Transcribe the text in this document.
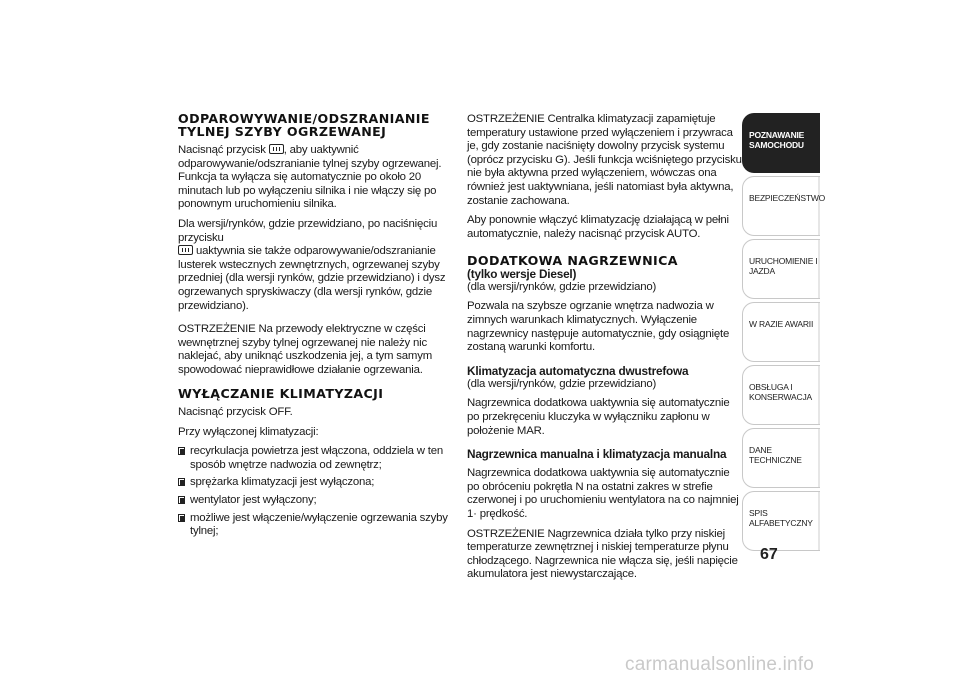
ODPAROWYWANIE/ODSZRANIANIE
TYLNEJ SZYBY OGRZEWANEJ

Nacisnąć przycisk , aby uaktywnić odparowywanie/odszranianie tylnej szyby ogrzewanej. Funkcja ta wyłącza się automatycznie po około 20 minutach lub po wyłączeniu silnika i nie włączy się po ponownym uruchomieniu silnika.

Dla wersji/rynków, gdzie przewidziano, po naciśnięciu przycisku
uaktywnia sie także odparowywanie/odszranianie lusterek wstecznych zewnętrznych, ogrzewanej szyby przedniej (dla wersji rynków, gdzie przewidziano) i dysz ogrzewanych spryskiwaczy (dla wersji rynków, gdzie przewidziano).

OSTRZEŻENIE Na przewody elektryczne w części wewnętrznej szyby tylnej ogrzewanej nie należy nic naklejać, aby uniknąć uszkodzenia jej, a tym samym spowodować nieprawidłowe działanie ogrzewania.

WYŁĄCZANIE KLIMATYZACJI

Nacisnąć przycisk OFF.

Przy wyłączonej klimatyzacji:

recyrkulacja powietrza jest włączona, oddziela w ten sposób wnętrze nadwozia od zewnętrz;
sprężarka klimatyzacji jest wyłączona;
wentylator jest wyłączony;
możliwe jest włączenie/wyłączenie ogrzewania szyby tylnej;

OSTRZEŻENIE Centralka klimatyzacji zapamiętuje temperatury ustawione przed wyłączeniem i przywraca je, gdy zostanie naciśnięty dowolny przycisk systemu (oprócz przycisku G). Jeśli funkcja wciśniętego przycisku nie była aktywna przed wyłączeniem, wówczas ona również jest uaktywniana, jeśli natomiast była aktywna, zostanie zachowana.

Aby ponownie włączyć klimatyzację działającą w pełni automatycznie, należy nacisnąć przycisk AUTO.

DODATKOWA NAGRZEWNICA
(tylko wersje Diesel)

(dla wersji/rynków, gdzie przewidziano)

Pozwala na szybsze ogrzanie wnętrza nadwozia w zimnych warunkach klimatycznych. Wyłączenie nagrzewnicy następuje automatycznie, gdy osiągnięte zostaną warunki komfortu.

Klimatyzacja automatyczna dwustrefowa

(dla wersji/rynków, gdzie przewidziano)

Nagrzewnica dodatkowa uaktywnia się automatycznie po przekręceniu kluczyka w wyłączniku zapłonu w położenie MAR.

Nagrzewnica manualna i klimatyzacja manualna

Nagrzewnica dodatkowa uaktywnia się automatycznie po obróceniu pokrętła N na ostatni zakres w strefie czerwonej i po uruchomieniu wentylatora na co najmniej 1· prędkość.

OSTRZEŻENIE Nagrzewnica działa tylko przy niskiej temperaturze zewnętrznej i niskiej temperaturze płynu chłodzącego. Nagrzewnica nie włącza się, jeśli napięcie akumulatora jest niewystarczające.

POZNAWANIE SAMOCHODU
BEZPIECZEŃSTWO
URUCHOMIENIE I JAZDA
W RAZIE AWARII
OBSŁUGA I KONSERWACJA
DANE TECHNICZNE
SPIS ALFABETYCZNY
67
carmanualsonline.info
